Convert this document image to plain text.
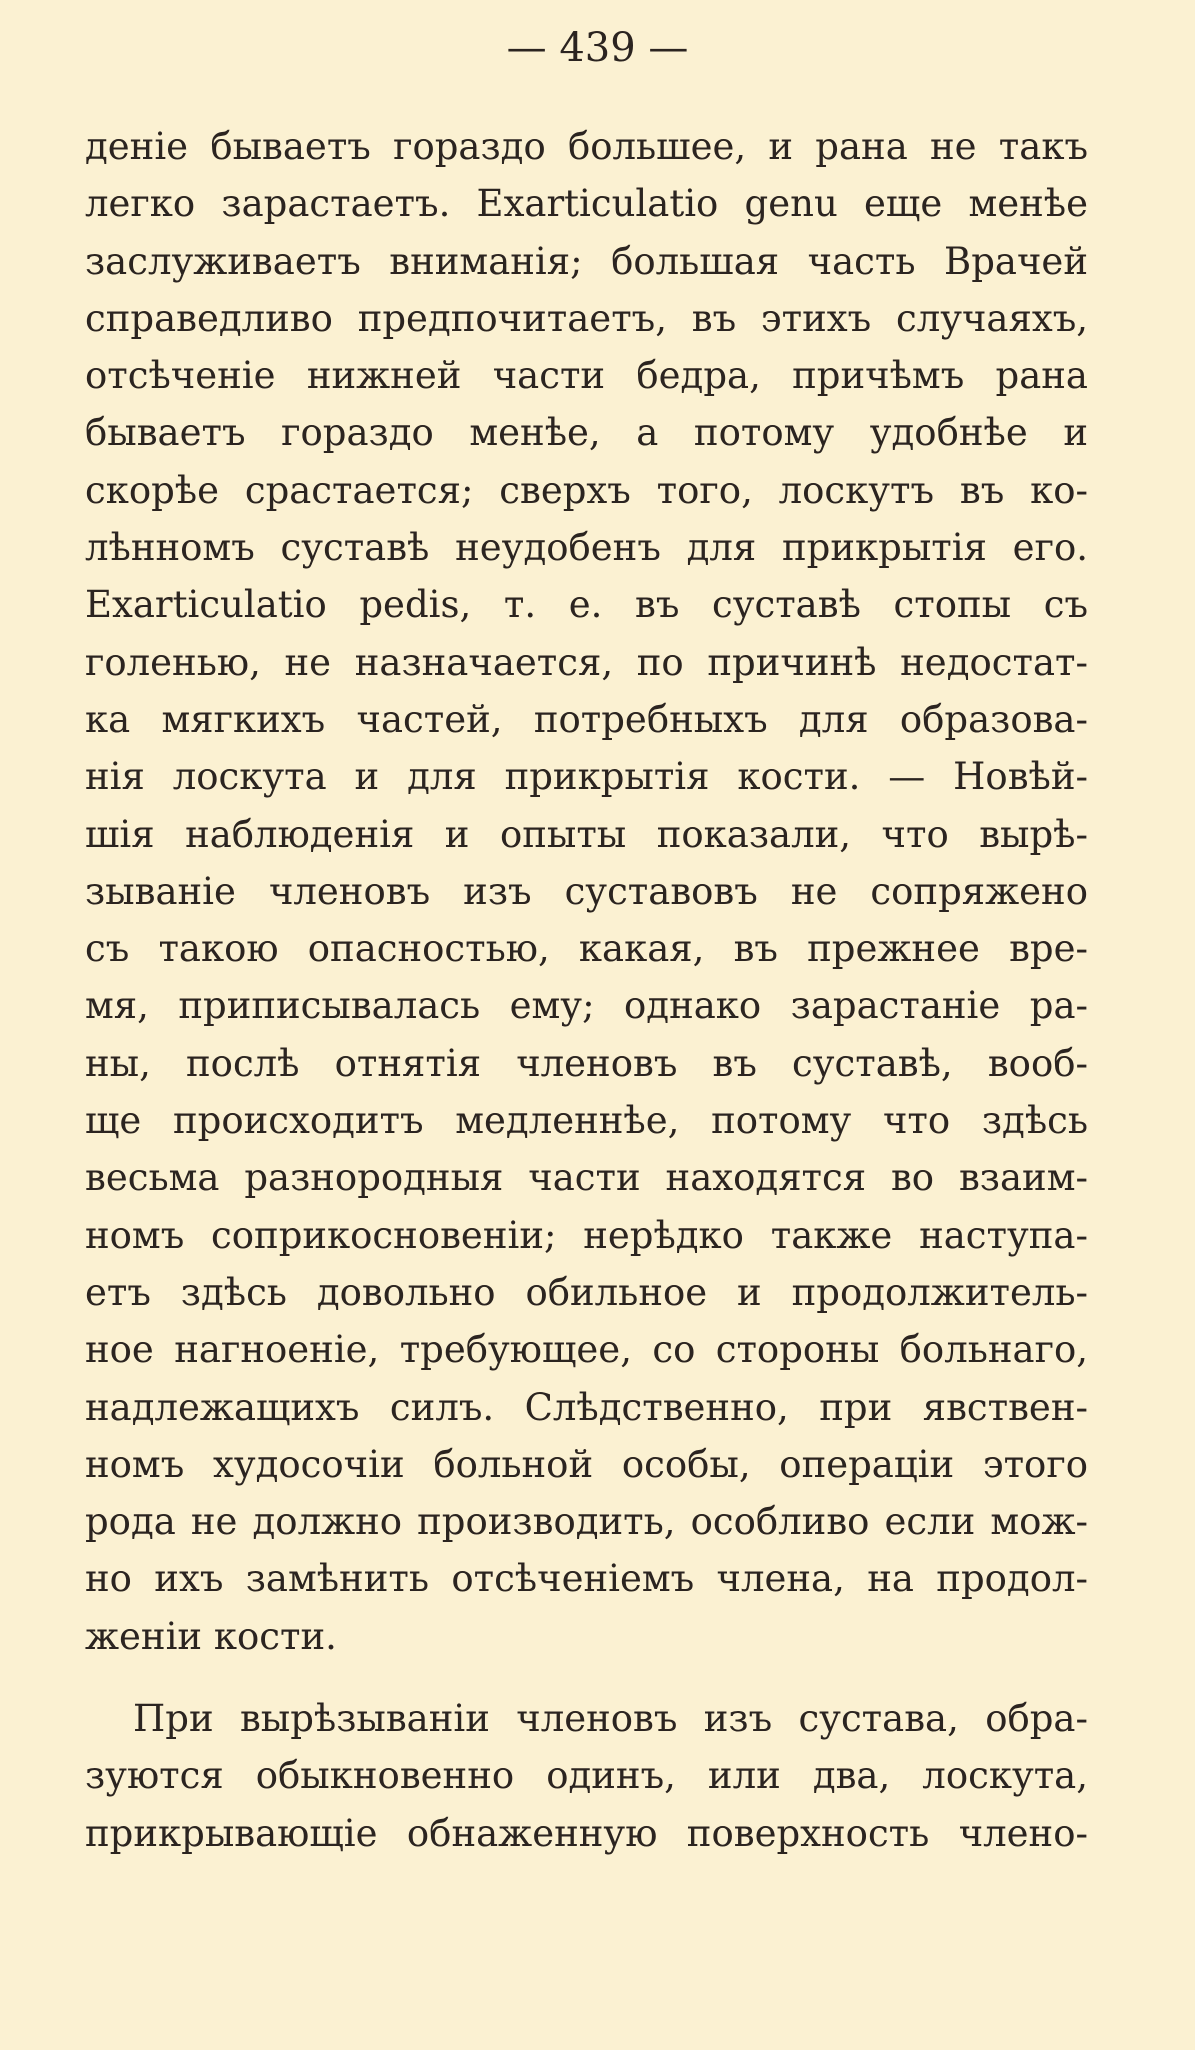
— 439 —
деніе бываетъ гораздо большее, и рана не такъ
легко зарастаетъ. Exarticulatio genu еще менѣе
заслуживаетъ вниманія; большая часть Врачей
справедливо предпочитаетъ, въ этихъ случаяхъ,
отсѣченіе нижней части бедра, причѣмъ рана
бываетъ гораздо менѣе, а потому удобнѣе и
скорѣе срастается; сверхъ того, лоскутъ въ ко-
лѣнномъ суставѣ неудобенъ для прикрытія его.
Exarticulatio pedis, т. е. въ суставѣ стопы съ
голенью, не назначается, по причинѣ недостат-
ка мягкихъ частей, потребныхъ для образова-
нія лоскута и для прикрытія кости. — Новѣй-
шія наблюденія и опыты показали, что вырѣ-
зываніе членовъ изъ суставовъ не сопряжено
съ такою опасностью, какая, въ прежнее вре-
мя, приписывалась ему; однако зарастаніе ра-
ны, послѣ отнятія членовъ въ суставѣ, вооб-
ще происходитъ медленнѣе, потому что здѣсь
весьма разнородныя части находятся во взаим-
номъ соприкосновеніи; нерѣдко также наступа-
етъ здѣсь довольно обильное и продолжитель-
ное нагноеніе, требующее, со стороны больнаго,
надлежащихъ силъ. Слѣдственно, при явствен-
номъ худосочіи больной особы, операціи этого
рода не должно производить, особливо если мож-
но ихъ замѣнить отсѣченіемъ члена, на продол-
женіи кости.
При вырѣзываніи членовъ изъ сустава, обра-
зуются обыкновенно одинъ, или два, лоскута,
прикрывающіе обнаженную поверхность члено-
